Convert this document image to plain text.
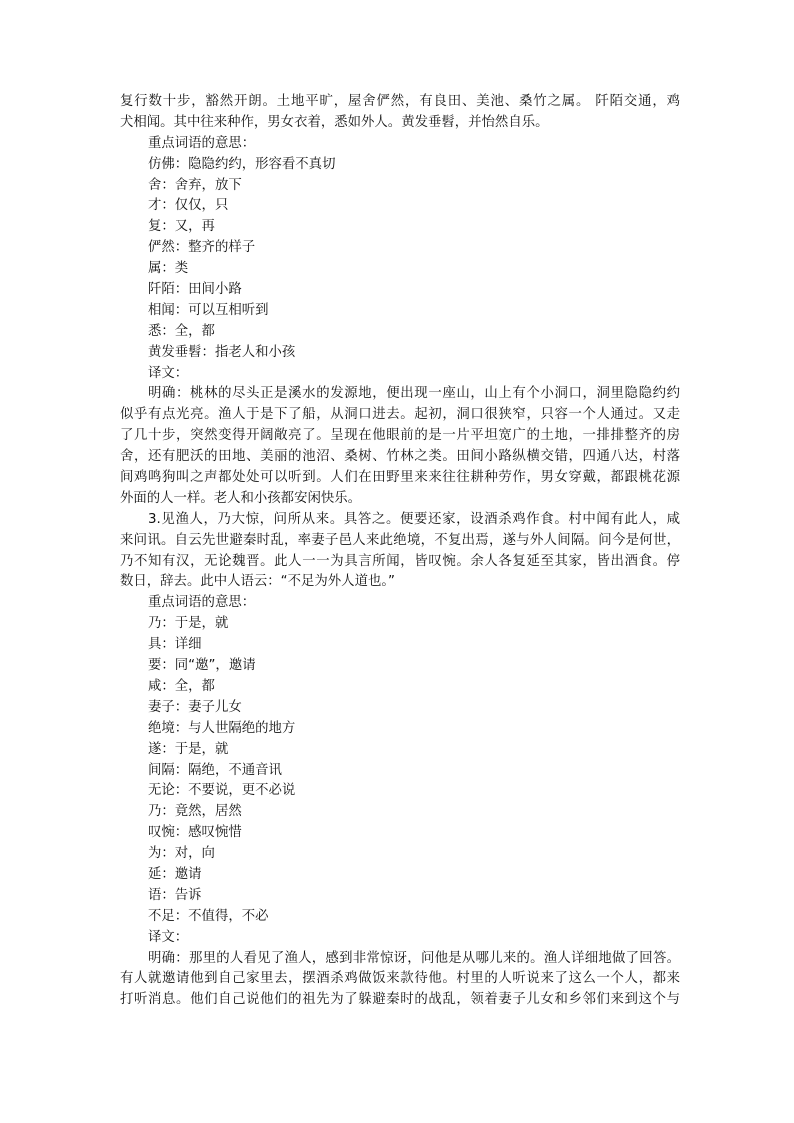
复行数十步，豁然开朗。土地平旷，屋舍俨然，有良田、美池、桑竹之属。 阡陌交通，鸡
犬相闻。其中往来种作，男女衣着，悉如外人。黄发垂髫，并怡然自乐。
重点词语的意思：
仿佛：隐隐约约，形容看不真切
舍：舍弃，放下
才：仅仅，只
复：又，再
俨然：整齐的样子
属：类
阡陌：田间小路
相闻：可以互相听到
悉：全，都
黄发垂髫：指老人和小孩
译文：
明确：桃林的尽头正是溪水的发源地，便出现一座山，山上有个小洞口，洞里隐隐约约
似乎有点光亮。渔人于是下了船，从洞口进去。起初，洞口很狭窄，只容一个人通过。又走
了几十步，突然变得开阔敞亮了。呈现在他眼前的是一片平坦宽广的土地，一排排整齐的房
舍，还有肥沃的田地、美丽的池沼、桑树、竹林之类。田间小路纵横交错，四通八达，村落
间鸡鸣狗叫之声都处处可以听到。人们在田野里来来往往耕种劳作，男女穿戴，都跟桃花源
外面的人一样。老人和小孩都安闲快乐。
3.见渔人，乃大惊，问所从来。具答之。便要还家，设酒杀鸡作食。村中闻有此人，咸
来问讯。自云先世避秦时乱，率妻子邑人来此绝境，不复出焉，遂与外人间隔。问今是何世，
乃不知有汉，无论魏晋。此人一一为具言所闻，皆叹惋。余人各复延至其家，皆出酒食。停
数日，辞去。此中人语云：“不足为外人道也。”
重点词语的意思：
乃：于是，就
具：详细
要：同“邀”，邀请
咸：全，都
妻子：妻子儿女
绝境：与人世隔绝的地方
遂：于是，就
间隔：隔绝，不通音讯
无论：不要说，更不必说
乃：竟然，居然
叹惋：感叹惋惜
为：对，向
延：邀请
语：告诉
不足：不值得，不必
译文：
明确：那里的人看见了渔人，感到非常惊讶，问他是从哪儿来的。渔人详细地做了回答。
有人就邀请他到自己家里去，摆酒杀鸡做饭来款待他。村里的人听说来了这么一个人，都来
打听消息。他们自己说他们的祖先为了躲避秦时的战乱，领着妻子儿女和乡邻们来到这个与
